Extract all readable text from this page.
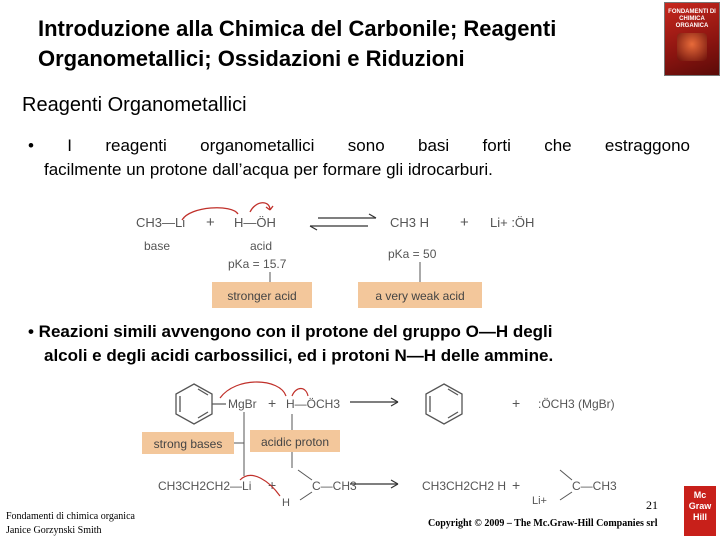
Introduzione alla Chimica del Carbonile; Reagenti
Organometallici; Ossidazioni e Riduzioni
FONDAMENTI DI CHIMICA ORGANICA
Reagenti Organometallici
• I reagenti organometallici sono basi forti che estraggono
facilmente un protone dall’acqua per formare gli idrocarburi.
CH3—Li + H—ÖH	CH3 H + Li+ :ÖH
base	acid
pKa = 15.7
pKa = 50
stronger acid	a very weak acid
• Reazioni simili avvengono con il protone del gruppo O—H degli
alcoli e degli acidi carbossilici, ed i protoni N—H delle ammine.
MgBr + H—ÖCH3	+ :ÖCH3 (MgBr)
strong bases	acidic proton
CH3CH2CH2—Li +	C—CH3
H
CH3CH2CH2 H +
Li+
C—CH3
Fondamenti di chimica organica
Janice Gorzynski Smith
21
Copyright © 2009 – The Mc.Graw-Hill Companies srl
Mc Graw Hill
